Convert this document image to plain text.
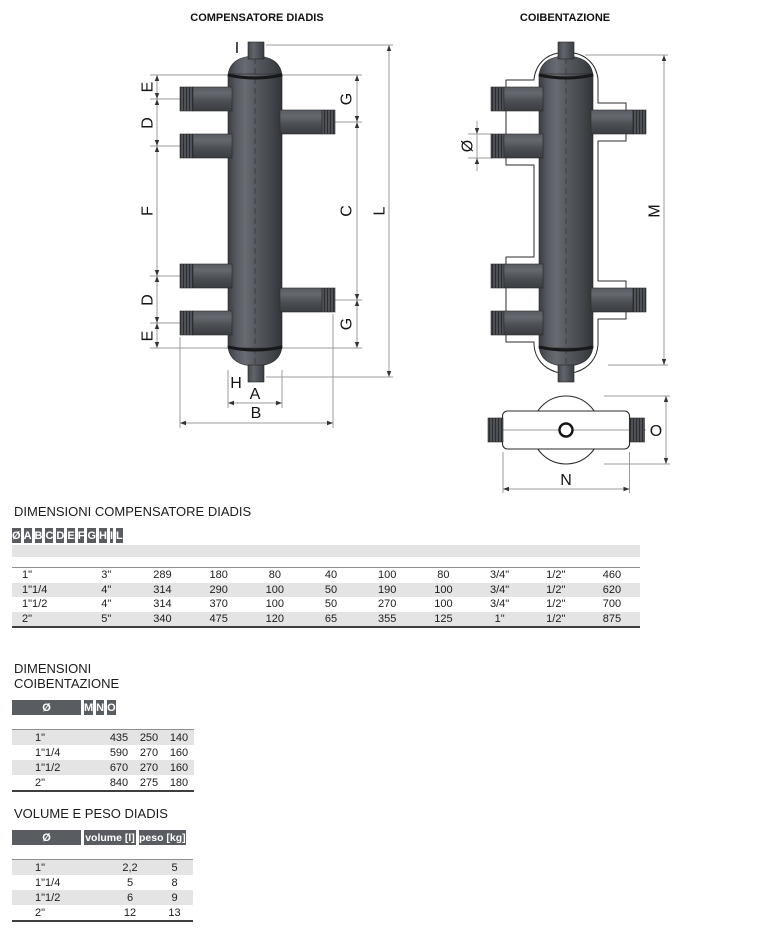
COMPENSATORE DIADIS
I
E
D
F
D
E
G
C
G
L
H
A
B
COIBENTAZIONE
Ø
M
O
N
DIMENSIONI COMPENSATORE DIADIS
Ø A B C D E F G H I L
1"	3"	289	180	80	40	100	80	3/4"	1/2"	460
1"1/4	4"	314	290	100	50	190	100	3/4"	1/2"	620
1"1/2	4"	314	370	100	50	270	100	3/4"	1/2"	700
2"	5"	340	475	120	65	355	125	1"	1/2"	875
DIMENSIONI COIBENTAZIONE
Ø	M N O
1"	435	250	140
1"1/4	590	270	160
1"1/2	670	270	160
2"	840	275	180
VOLUME E PESO DIADIS
Ø	volume [l] peso [kg]
1"	2,2	5
1"1/4	5	8
1"1/2	6	9
2"	12	13
